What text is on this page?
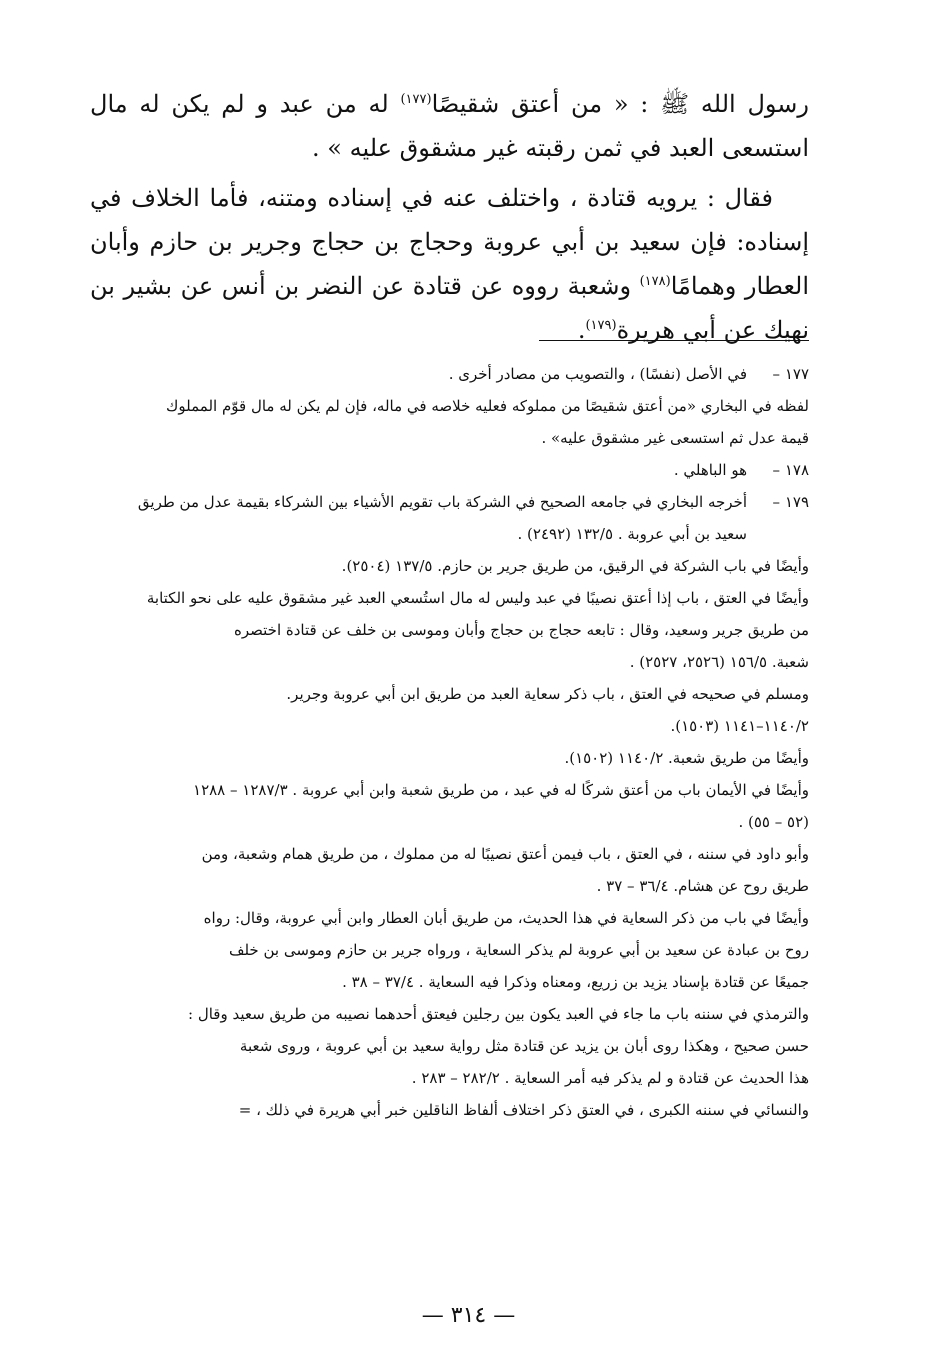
رسول الله ﷺ : « من أعتق شقيصًا$^{(١٧٧)}$ له من عبد و لم يكن له مال استسعى العبد في ثمن رقبته غير مشقوق عليه » .

فقال : يرويه قتادة ، واختلف عنه في إسناده ومتنه، فأما الخلاف في إسناده: فإن سعيد بن أبي عروبة وحجاج بن حجاج وجرير بن حازم وأبان العطار وهمامًا$^{(١٧٨)}$ وشعبة رووه عن قتادة عن النضر بن أنس عن بشير بن نهيك عن أبي هريرة$^{(١٧٩)}$.

١٧٧ –
في الأصل (نفسًا) ، والتصويب من مصادر أخرى .
لفظه في البخاري «من أعتق شقيصًا من مملوكه فعليه خلاصه في ماله، فإن لم يكن له مال قوّم المملوك
قيمة عدل ثم استسعى غير مشقوق عليه» .
١٧٨ –
هو الباهلي .
١٧٩ –
أخرجه البخاري في جامعه الصحيح في الشركة باب تقويم الأشياء بين الشركاء بقيمة عدل من طريق
سعيد بن أبي عروبة . ١٣٢/٥ (٢٤٩٢) .
وأيضًا في باب الشركة في الرقيق، من طريق جرير بن حازم. ١٣٧/٥ (٢٥٠٤).
وأيضًا في العتق ، باب إذا أعتق نصيبًا في عبد وليس له مال استُسعي العبد غير مشقوق عليه على نحو الكتابة
من طريق جرير وسعيد، وقال : تابعه حجاج بن حجاج وأبان وموسى بن خلف عن قتادة اختصره
شعبة. ١٥٦/٥ (٢٥٢٦، ٢٥٢٧) .
ومسلم في صحيحه في العتق ، باب ذكر سعاية العبد من طريق ابن أبي عروبة وجرير.
١١٤٠/٢–١١٤١ (١٥٠٣).
وأيضًا من طريق شعبة. ١١٤٠/٢ (١٥٠٢).
وأيضًا في الأيمان باب من أعتق شركًا له في عبد ، من طريق شعبة وابن أبي عروبة . ١٢٨٧/٣ – ١٢٨٨
(٥٢ – ٥٥) .
وأبو داود في سننه ، في العتق ، باب فيمن أعتق نصيبًا له من مملوك ، من طريق همام وشعبة، ومن
طريق روح عن هشام. ٣٦/٤ – ٣٧ .
وأيضًا في باب من ذكر السعاية في هذا الحديث، من طريق أبان العطار وابن أبي عروبة، وقال: رواه
روح بن عبادة عن سعيد بن أبي عروبة لم يذكر السعاية ، ورواه جرير بن حازم وموسى بن خلف
جميعًا عن قتادة بإسناد يزيد بن زريع، ومعناه وذكرا فيه السعاية . ٣٧/٤ – ٣٨ .
والترمذي في سننه باب ما جاء في العبد يكون بين رجلين فيعتق أحدهما نصيبه من طريق سعيد وقال :
حسن صحيح ، وهكذا روى أبان بن يزيد عن قتادة مثل رواية سعيد بن أبي عروبة ، وروى شعبة
هذا الحديث عن قتادة و لم يذكر فيه أمر السعاية . ٢٨٢/٢ – ٢٨٣ .
والنسائي في سننه الكبرى ، في العتق ذكر اختلاف ألفاظ الناقلين خبر أبي هريرة في ذلك ، =
— ٣١٤ —
